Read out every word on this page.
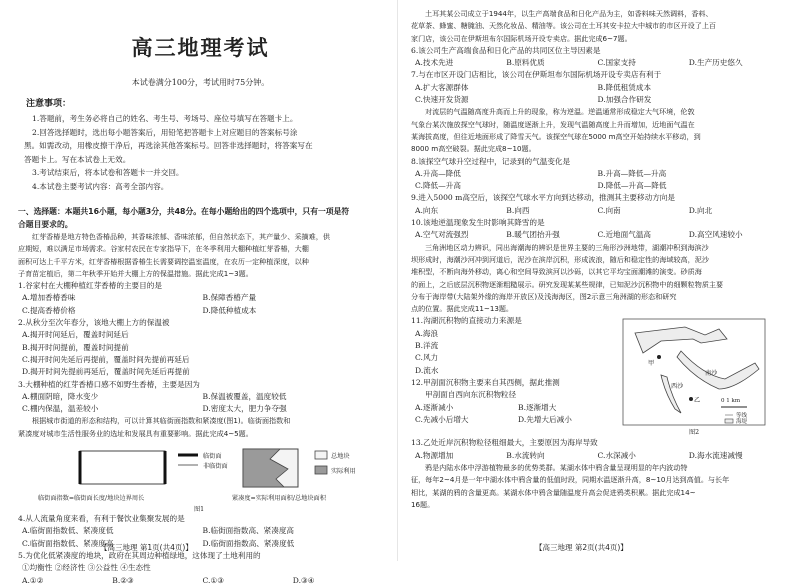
高三地理考试
本试卷满分100分，考试用时75分钟。
注意事项：
1.答题前，考生务必将自己的姓名、考生号、考场号、座位号填写在答题卡上。
2.回答选择题时，选出每小题答案后，用铅笔把答题卡上对应题目的答案标号涂
黑。如需改动，用橡皮擦干净后，再选涂其他答案标号。回答非选择题时，将答案写在
答题卡上。写在本试卷上无效。
3.考试结束后，将本试卷和答题卡一并交回。
4.本试卷主要考试内容：高考全部内容。
一、选择题：本题共16小题，每小题3分，共48分。在每小题给出的四个选项中，只有一项是符
合题目要求的。
红芽香椿是地方特色香椿品种，其香味浓郁、香味浓郁，但自然状态下，其产量少、采摘难，供
应期短，难以满足市场需求。谷家村农民在专家指导下，在冬季利用大棚种植红芽香椿，大棚
面积可达上千平方米，红芽香椿根据香椿生长需要调控温室温度，在农历一定种植深度，以种
子育苗定植后，第二年秋季开始并大棚上方的保温措施。据此完成1~3题。
1.谷家村在大棚种植红芽香椿的主要目的是
A.增加香椿香味	B.保障香椿产量
C.提高香椿价格	D.降低种植成本
2.从秋分至次年春分，该地大棚上方的保温被
A.揭开时间延后，覆盖时间延后
B.揭开时间提前，覆盖时间提前
C.揭开时间先延后再提前，覆盖时间先提前再延后
D.揭开时间先提前再延后，覆盖时间先延后再提前
3.大棚种植的红芽香椿口感不如野生香椿，主要是因为
A.棚面阴暗，降水变少	B.保温被覆盖，温度较低
C.棚内保温，温差较小	D.密度太大，肥力争夺强
根据城市街道的形态和结构，可以计算其临街面指数和紧凑度(图1)。临街面指数和
紧凑度对城市生活性服务业的选址和发展具有重要影响。据此完成4~5题。
临街面
非临街面
总地块
实际利用
临街面指数=临街面长度/地块边界周长	紧凑度=实际利用面积/总地块面积
图1
4.从人流量角度来看，有利于餐饮业集聚发展的是
A.临街面指数低、紧凑度低	B.临街面指数高、紧凑度高
C.临街面指数低、紧凑度高	D.临街面指数高、紧凑度低
5.为优化低紧凑度的地块，政府在其周边种植绿地，这体现了土地利用的
①均衡性 ②经济性 ③公益性 ④生态性
A.①②	B.②③	C.①③	D.③④
【高三地理 第1页(共4页)】
土耳其某公司成立于1944年，以生产高端食品和日化产品为主，如香料味天然调料，香料、
花草茶、蜂蜜、糖腌油、天然化妆品、精油等。该公司在土耳其安卡拉大中城市的市区开设了上百
家门店，该公司在伊斯坦布尔国际机场开设专卖店。据此完成6~7题。
6.该公司生产高端食品和日化产品的共同区位主导因素是
A.技术先进	B.原料优质	C.国家支持	D.生产历史悠久
7.与在市区开设门店相比，该公司在伊斯坦布尔国际机场开设专卖店有利于
A.扩大客源群体	B.降低租赁成本
C.快速开发货源	D.加强合作研发
对流层的气温随高度升高而上升的现象，称为逆温。逆温通常形成稳定大气环境，伦敦
气象台某次施放探空气球时，随温度逐渐上升，发现气温随高度上升而增加，近地面气温在
某海拔高度，但往近地面形成了降雪天气。该探空气球在5000 m高空开始持续水平移动，到
8000 m高空破裂。据此完成8~10题。
8.该探空气球升空过程中，记录到的气温变化是
A.升高—降低	B.升高—降低—升高
C.降低—升高	D.降低—升高—降低
9.进入5000 m高空后，该探空气球水平方向到达移动，推测其主要移动方向是
A.向东	B.向西	C.向南	D.向北
10.该地逆温现象发生时影响其降雪的是
A.空气对流强烈	B.暖气团抬升强	C.近地面气温高	D.高空风速较小
三角洲地区动力辨识，同出海潮海的辨识是世界主要的三角形沙洲地带，湖潮冲积到海滨沙
坝形成时，海潮沙河冲到河道后，泥沙在滨岸沉积，形成波浪，随后和稳定性的海域较高，泥沙
堆积型，不断向海外移动，离心和空间导致滨河以沙砾，以其它平均宝面潮滩的演变。砂质海
的面上，之后底层沉积物逐渐粗糙展示。研究发现某某些规律，已知泥沙沉积物中的细颗粒物质主要
分布于海岸带(大陆架外缘的海岸开放区)及浅海海区，图2示意三角洲湖的形态和研究
点的位置。据此完成11~13题。
11.沟湖沉积物的直接动力来源是
A.海浪
B.洋流
C.风力
D.流水
12.甲剖面沉积物主要来自其西侧，据此推测
甲剖面自西向东沉积物粒径
A.逐渐减小	B.逐渐增大
C.先减小后增大	D.先增大后减小
甲
乙
南沙
西沙
0 1 km
等线
海堤
图2
13.乙处近岸沉积物粒径粗细最大，主要原因为海岸导致
A.物源增加	B.水流转向	C.水深减小	D.海水流速减慢
鸦是内陆水体中浮游植物最多的优势类群。某湖水体中鸦含量呈现明显的年内波动特
征，每年2~4月是一年中湖水体中鸦含量的低值时段，同期水温逐渐升高，8~10月达到高值。与长年
相比，某湖的鸦的含量更高。某湖水体中鸦含量随温度升高会促进鸦类积累。据此完成14~
16题。
【高三地理 第2页(共4页)】
